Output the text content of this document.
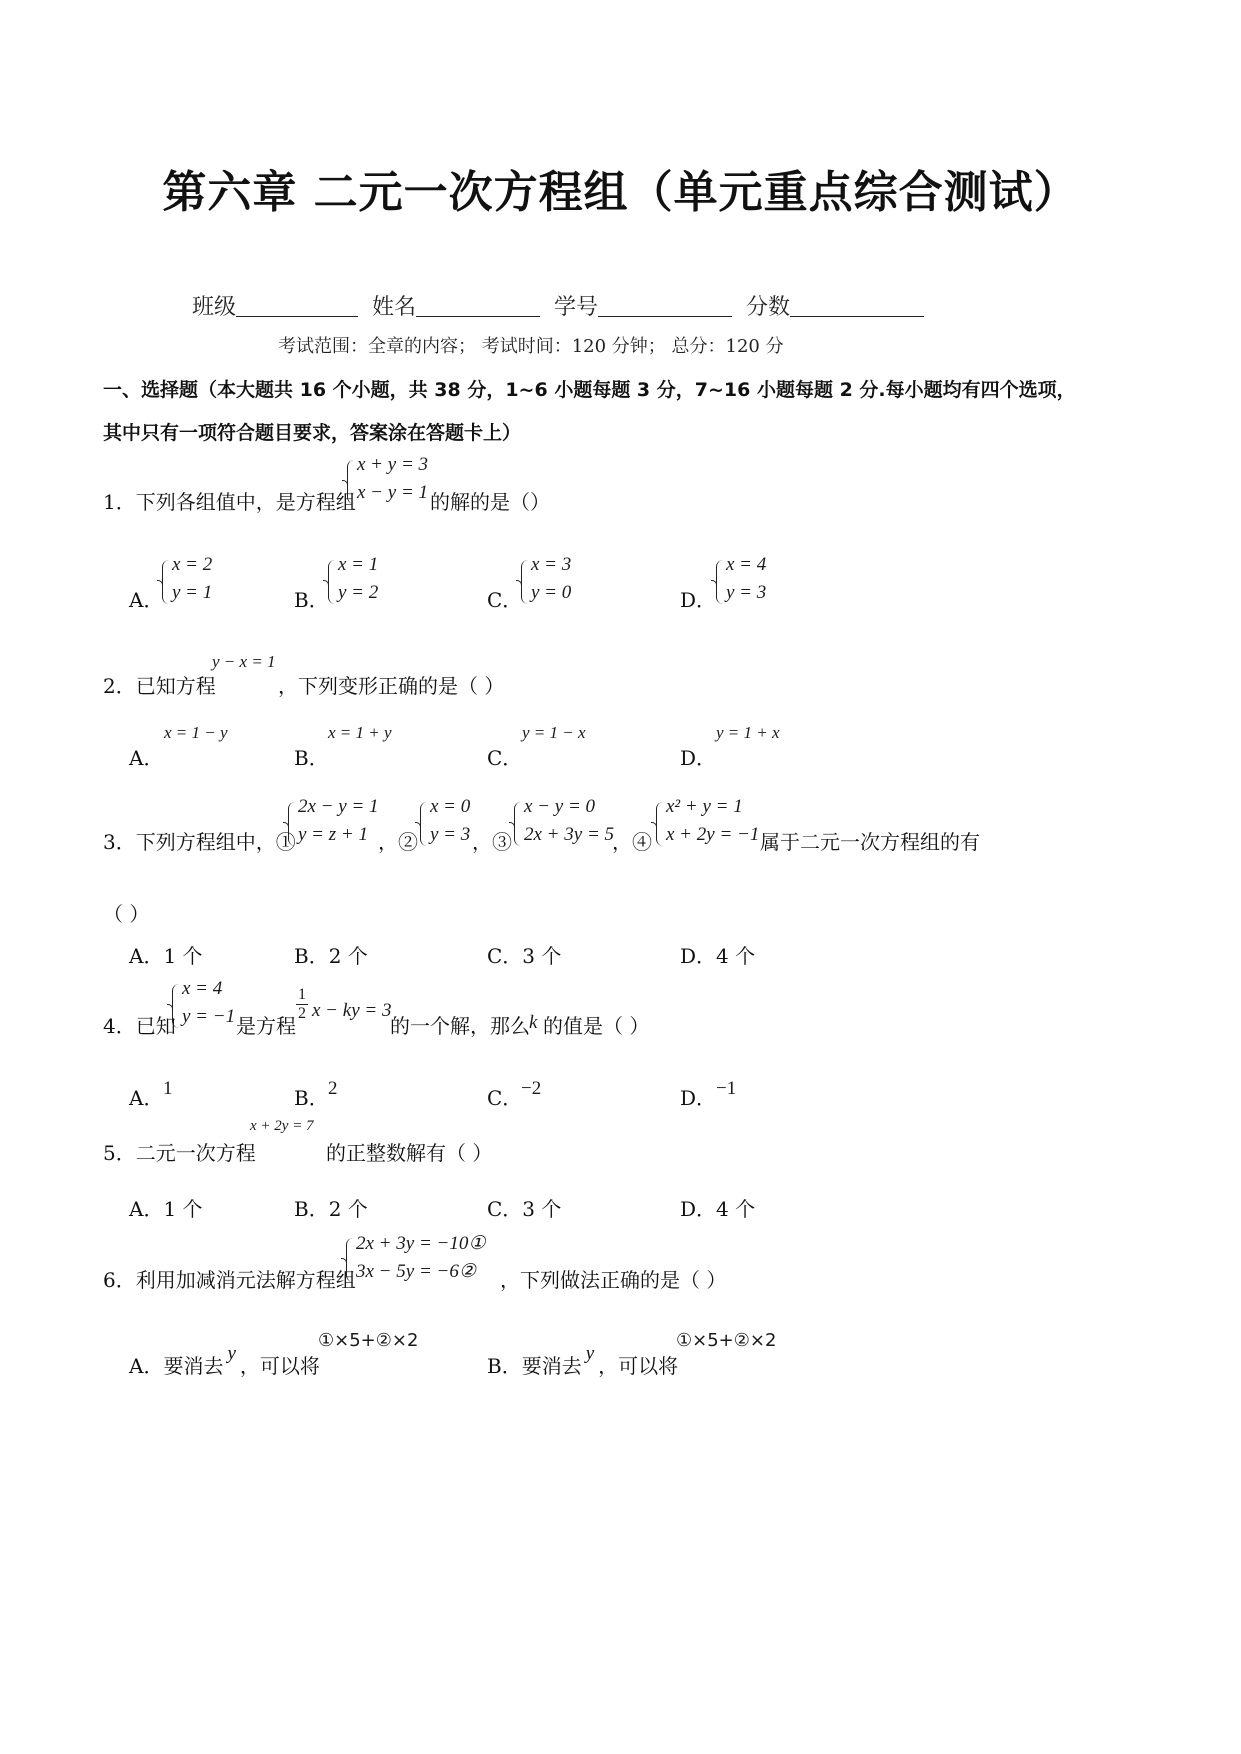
第六章 二元一次方程组（单元重点综合测试）
班级	姓名	学号	分数
考试范围：全章的内容； 考试时间：120 分钟； 总分：120 分
一、选择题（本大题共 16 个小题，共 38 分，1~6 小题每题 3 分，7~16 小题每题 2 分.每小题均有四个选项，
其中只有一项符合题目要求，答案涂在答题卡上）
1．下列各组值中，是方程组
x + y = 3
x − y = 1 的解的是（）
A．
x = 2
y = 1	B．
x = 1
y = 2	C．
x = 3
y = 0	D．
x = 4
y = 3
2．已知方程
y − x = 1
，下列变形正确的是（ ）
A．
x = 1 − y
B．
x = 1 + y
C．
y = 1 − x
D．
y = 1 + x
3．下列方程组中，①
2x − y = 1
y = z + 1 ，②
x = 0
y = 3 ，③
x − y = 0
2x + 3y = 5
，④
x² + y = 1
x + 2y = −1 属于二元一次方程组的有
（ ）
A．1 个	B．2 个	C．3 个	D．4 个
4．已知
x = 4
y = −1 是方程
1
2 x − ky = 3
的一个解，那么 k 的值是（ ）
A． 1	B． 2	C．
−2	D． −1
5．二元一次方程
x + 2y = 7
的正整数解有（ ）
A．1 个	B．2 个	C．3 个	D．4 个
6．利用加减消元法解方程组
2x + 3y = −10①
3x − 5y = −6② ，下列做法正确的是（ ）
A．要消去y，可以将
①×5+②×2
B．要消去y，可以将
①×5+②×2
